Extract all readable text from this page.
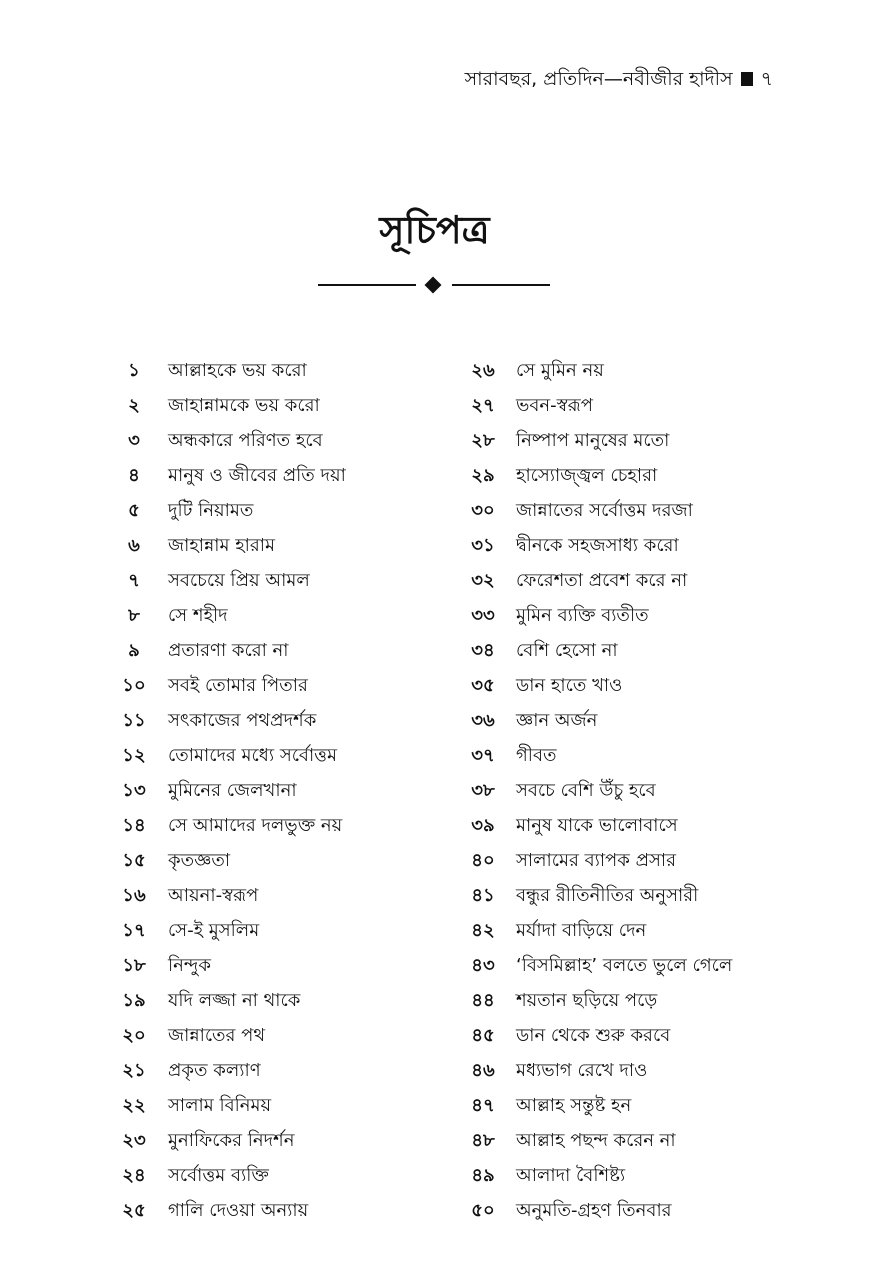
সারাবছর, প্রতিদিন—নবীজীর হাদীস ৭
সূচিপত্র
১	আল্লাহকে ভয় করো
২	জাহান্নামকে ভয় করো
৩	অন্ধকারে পরিণত হবে
৪	মানুষ ও জীবের প্রতি দয়া
৫	দুটি নিয়ামত
৬	জাহান্নাম হারাম
৭	সবচেয়ে প্রিয় আমল
৮	সে শহীদ
৯	প্রতারণা করো না
১০	সবই তোমার পিতার
১১	সৎকাজের পথপ্রদর্শক
১২	তোমাদের মধ্যে সর্বোত্তম
১৩	মুমিনের জেলখানা
১৪	সে আমাদের দলভুক্ত নয়
১৫	কৃতজ্ঞতা
১৬	আয়না-স্বরূপ
১৭	সে-ই মুসলিম
১৮	নিন্দুক
১৯	যদি লজ্জা না থাকে
২০	জান্নাতের পথ
২১	প্রকৃত কল্যাণ
২২	সালাম বিনিময়
২৩	মুনাফিকের নিদর্শন
২৪	সর্বোত্তম ব্যক্তি
২৫	গালি দেওয়া অন্যায়
২৬	সে মুমিন নয়
২৭	ভবন-স্বরূপ
২৮	নিষ্পাপ মানুষের মতো
২৯	হাস্যোজ্জ্বল চেহারা
৩০	জান্নাতের সর্বোত্তম দরজা
৩১	দ্বীনকে সহজসাধ্য করো
৩২	ফেরেশতা প্রবেশ করে না
৩৩	মুমিন ব্যক্তি ব্যতীত
৩৪	বেশি হেসো না
৩৫	ডান হাতে খাও
৩৬	জ্ঞান অর্জন
৩৭	গীবত
৩৮	সবচে বেশি উঁচু হবে
৩৯	মানুষ যাকে ভালোবাসে
৪০	সালামের ব্যাপক প্রসার
৪১	বন্ধুর রীতিনীতির অনুসারী
৪২	মর্যাদা বাড়িয়ে দেন
৪৩	‘বিসমিল্লাহ’ বলতে ভুলে গেলে
৪৪	শয়তান ছড়িয়ে পড়ে
৪৫	ডান থেকে শুরু করবে
৪৬	মধ্যভাগ রেখে দাও
৪৭	আল্লাহ সন্তুষ্ট হন
৪৮	আল্লাহ পছন্দ করেন না
৪৯	আলাদা বৈশিষ্ট্য
৫০	অনুমতি-গ্রহণ তিনবার
